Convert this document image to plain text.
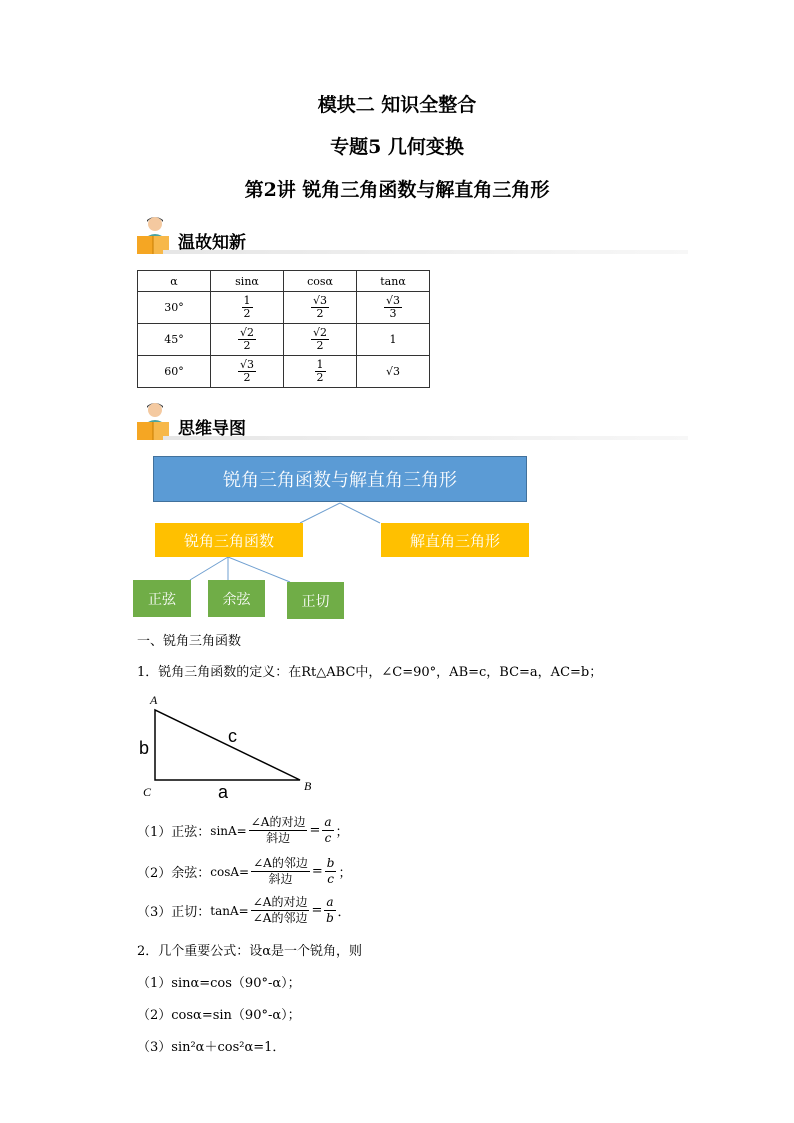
模块二 知识全整合
专题5 几何变换
第2讲 锐角三角函数与解直角三角形
温故知新
α	sinα	cosα	tanα
30°	$\frac{1}{2}$	$\frac{√3}{2}$	$\frac{√3}{3}$

45°	$\frac{√2}{2}$	$\frac{√2}{2}$	1
60°	$\frac{√3}{2}$	$\frac{1}{2}$	√3
思维导图
锐角三角函数与解直角三角形
锐角三角函数	解直角三角形
正弦	余弦	正切
一、锐角三角函数
1．锐角三角函数的定义：在Rt△ABC中，∠C=90°，AB=c，BC=a，AC=b；
A
B
C	a
b
c
（1）正弦： sinA=
∠A的对边
斜边	= $\frac{a}{c}$ ；
（2）余弦： cosA=
∠A的邻边
斜边	= $\frac{b}{c}$ ；
（3）正切： tanA=
∠A的对边
∠A的邻边 = $\frac{a}{b}$ ．
2．几个重要公式：设α是一个锐角，则
（1）sinα=cos（90°-α）；
（2）cosα=sin（90°-α）；
（3）sin²α＋cos²α=1．
